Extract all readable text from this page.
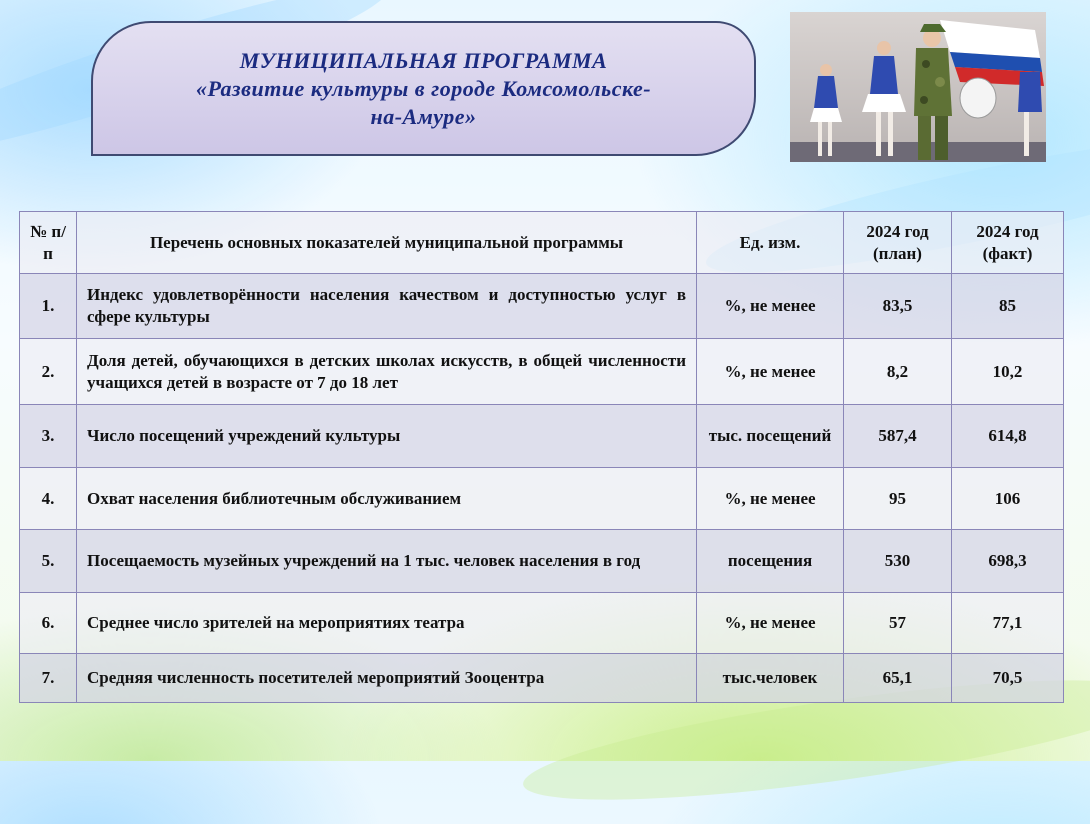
МУНИЦИПАЛЬНАЯ ПРОГРАММА
«Развитие культуры в городе Комсомольске-
на-Амуре»
№ п/п	Перечень основных показателей муниципальной программы	Ед. изм.	2024 год (план)	2024 год (факт)
1.	Индекс удовлетворённости населения качеством и доступностью услуг в сфере культуры	%, не менее	83,5	85
2.	Доля детей, обучающихся в детских школах искусств, в общей численности учащихся детей в возрасте от 7 до 18 лет	%, не менее	8,2	10,2
3.	Число посещений учреждений культуры	тыс. посещений	587,4	614,8
4.	Охват населения библиотечным обслуживанием	%, не менее	95	106
5.	Посещаемость музейных учреждений на 1 тыс. человек населения в год	посещения	530	698,3
6.	Среднее число зрителей на мероприятиях театра	%, не менее	57	77,1
7.	Средняя численность посетителей мероприятий Зооцентра	тыс.человек	65,1	70,5
